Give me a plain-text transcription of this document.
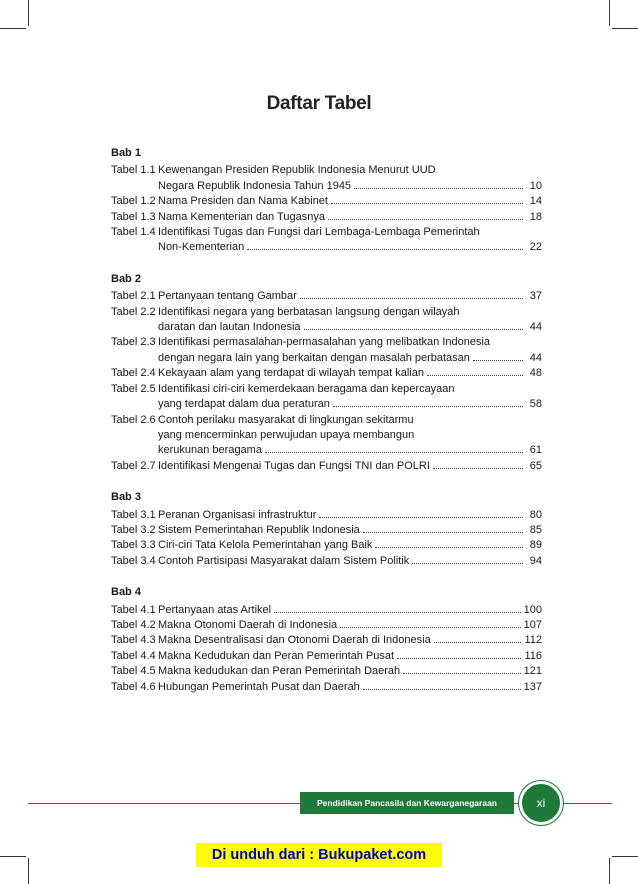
Daftar Tabel
Bab 1
Tabel 1.1 Kewenangan Presiden Republik Indonesia Menurut UUD
Negara Republik Indonesia Tahun 1945	10
Tabel 1.2 Nama Presiden dan Nama Kabinet	14
Tabel 1.3 Nama Kementerian dan Tugasnya	18
Tabel 1.4 Identifikasi Tugas dan Fungsi dari Lembaga-Lembaga Pemerintah
Non-Kementerian	22
Bab 2
Tabel 2.1 Pertanyaan tentang Gambar	37
Tabel 2.2 Identifikasi negara yang berbatasan langsung dengan wilayah
daratan dan lautan Indonesia	44
Tabel 2.3 Identifikasi permasalahan-permasalahan yang melibatkan Indonesia
dengan negara lain yang berkaitan dengan masalah perbatasan	44
Tabel 2.4 Kekayaan alam yang terdapat di wilayah tempat kalian	48
Tabel 2.5 Identifikasi ciri-ciri kemerdekaan beragama dan kepercayaan
yang terdapat dalam dua peraturan	58
Tabel 2.6 Contoh perilaku masyarakat di lingkungan sekitarmu
yang mencerminkan perwujudan upaya membangun
kerukunan beragama	61
Tabel 2.7 Identifikasi Mengenai Tugas dan Fungsi TNI dan POLRI	65
Bab 3
Tabel 3.1 Peranan Organisasi infrastruktur	80
Tabel 3.2 Sistem Pemerintahan Republik Indonesia	85
Tabel 3.3 Ciri-ciri Tata Kelola Pemerintahan yang Baik	89
Tabel 3.4 Contoh Partisipasi Masyarakat dalam Sistem Politik	94
Bab 4
Tabel 4.1 Pertanyaan atas Artikel	100
Tabel 4.2 Makna Otonomi Daerah di Indonesia	107
Tabel 4.3 Makna Desentralisasi dan Otonomi Daerah di Indonesia	112
Tabel 4.4 Makna Kedudukan dan Peran Pemerintah Pusat	116
Tabel 4.5 Makna kedudukan dan Peran Pemerintah Daerah	121
Tabel 4.6 Hubungan Pemerintah Pusat dan Daerah	137
Pendidikan Pancasila dan Kewarganegaraan	xi
Di unduh dari : Bukupaket.com
